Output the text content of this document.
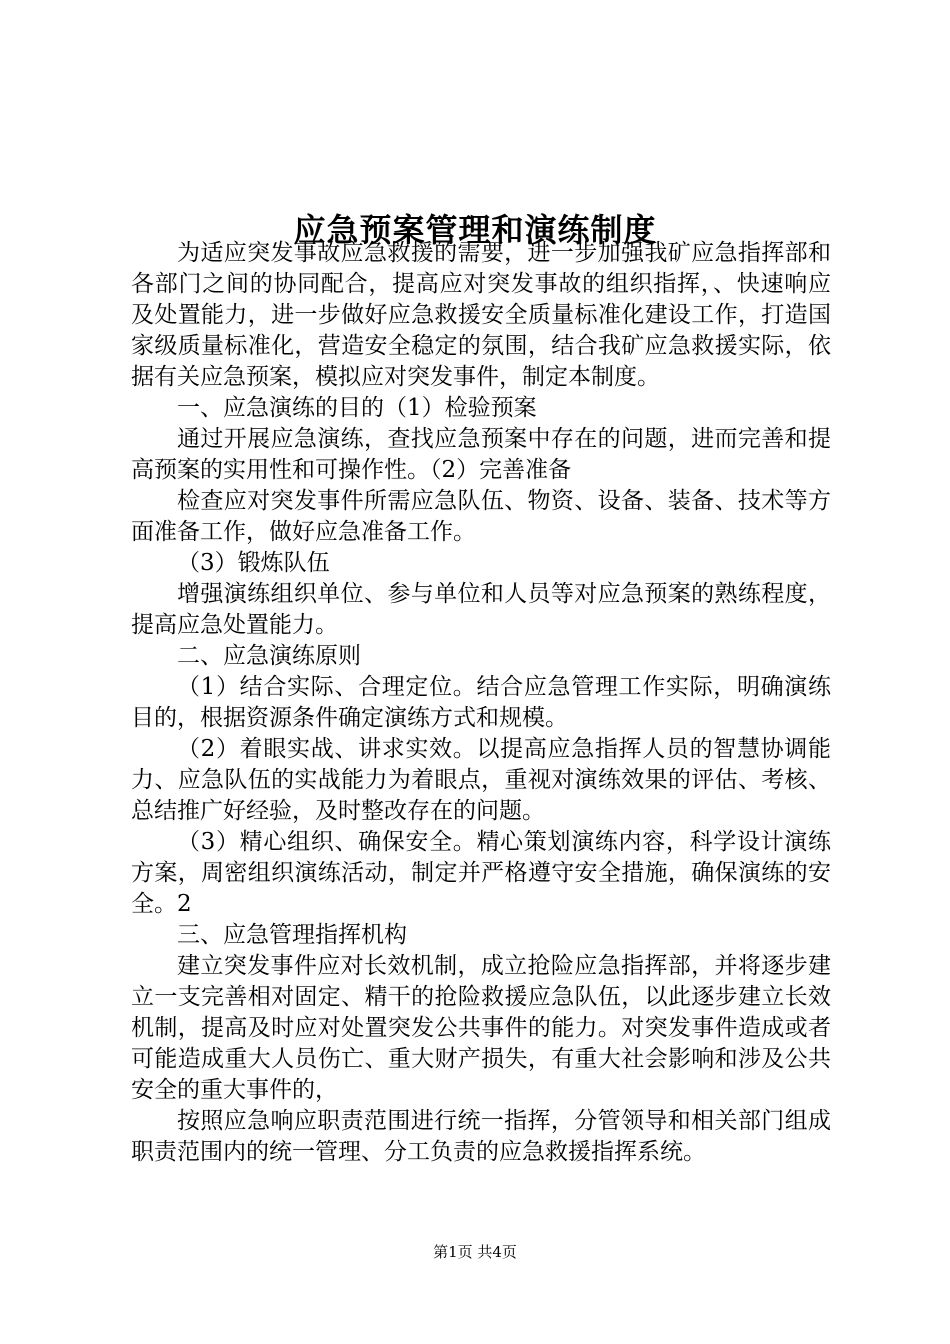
应急预案管理和演练制度

为适应突发事故应急救援的需要，进一步加强我矿应急指挥部和各部门之间的协同配合，提高应对突发事故的组织指挥，、快速响应及处置能力，进一步做好应急救援安全质量标准化建设工作，打造国家级质量标准化，营造安全稳定的氛围，结合我矿应急救援实际，依据有关应急预案，模拟应对突发事件，制定本制度。

一、应急演练的目的（1）检验预案

通过开展应急演练，查找应急预案中存在的问题，进而完善和提高预案的实用性和可操作性。（2）完善准备

检查应对突发事件所需应急队伍、物资、设备、装备、技术等方面准备工作，做好应急准备工作。

（3）锻炼队伍

增强演练组织单位、参与单位和人员等对应急预案的熟练程度，提高应急处置能力。

二、应急演练原则

（1）结合实际、合理定位。结合应急管理工作实际，明确演练目的，根据资源条件确定演练方式和规模。

（2）着眼实战、讲求实效。以提高应急指挥人员的智慧协调能力、应急队伍的实战能力为着眼点，重视对演练效果的评估、考核、总结推广好经验，及时整改存在的问题。

（3）精心组织、确保安全。精心策划演练内容，科学设计演练方案，周密组织演练活动，制定并严格遵守安全措施，确保演练的安全。2

三、应急管理指挥机构

建立突发事件应对长效机制，成立抢险应急指挥部，并将逐步建立一支完善相对固定、精干的抢险救援应急队伍，以此逐步建立长效机制，提高及时应对处置突发公共事件的能力。对突发事件造成或者可能造成重大人员伤亡、重大财产损失，有重大社会影响和涉及公共安全的重大事件的，

按照应急响应职责范围进行统一指挥，分管领导和相关部门组成职责范围内的统一管理、分工负责的应急救援指挥系统。

第1页 共4页
